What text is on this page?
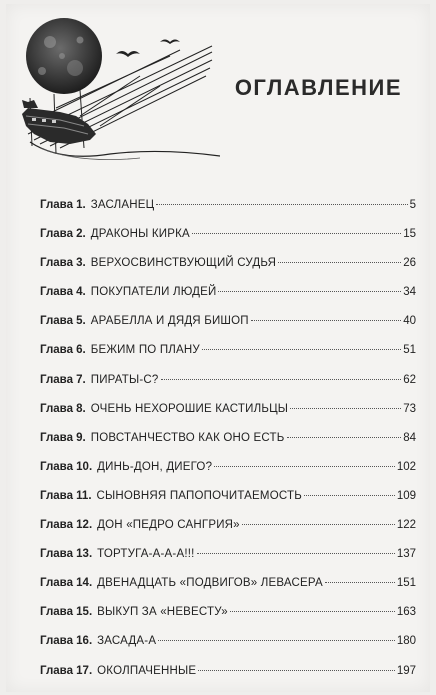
ОГЛАВЛЕНИЕ
Глава 1. ЗАСЛАНЕЦ	5
Глава 2. ДРАКОНЫ КИРКА	15
Глава 3. ВЕРХОСВИНСТВУЮЩИЙ СУДЬЯ	26
Глава 4. ПОКУПАТЕЛИ ЛЮДЕЙ	34
Глава 5. АРАБЕЛЛА И ДЯДЯ БИШОП	40
Глава 6. БЕЖИМ ПО ПЛАНУ	51
Глава 7. ПИРАТЫ-С?	62
Глава 8. ОЧЕНЬ НЕХОРОШИЕ КАСТИЛЬЦЫ	73
Глава 9. ПОВСТАНЧЕСТВО КАК ОНО ЕСТЬ	84
Глава 10. ДИНЬ-ДОН, ДИЕГО?	102
Глава 11. СЫНОВНЯЯ ПАПОПОЧИТАЕМОСТЬ	109
Глава 12. ДОН «ПЕДРО САНГРИЯ»	122
Глава 13. ТОРТУГА-А-А-А!!!	137
Глава 14. ДВЕНАДЦАТЬ «ПОДВИГОВ» ЛЕВАСЕРА	151
Глава 15. ВЫКУП ЗА «НЕВЕСТУ»	163
Глава 16. ЗАСАДА-А	180
Глава 17. ОКОЛПАЧЕННЫЕ	197
